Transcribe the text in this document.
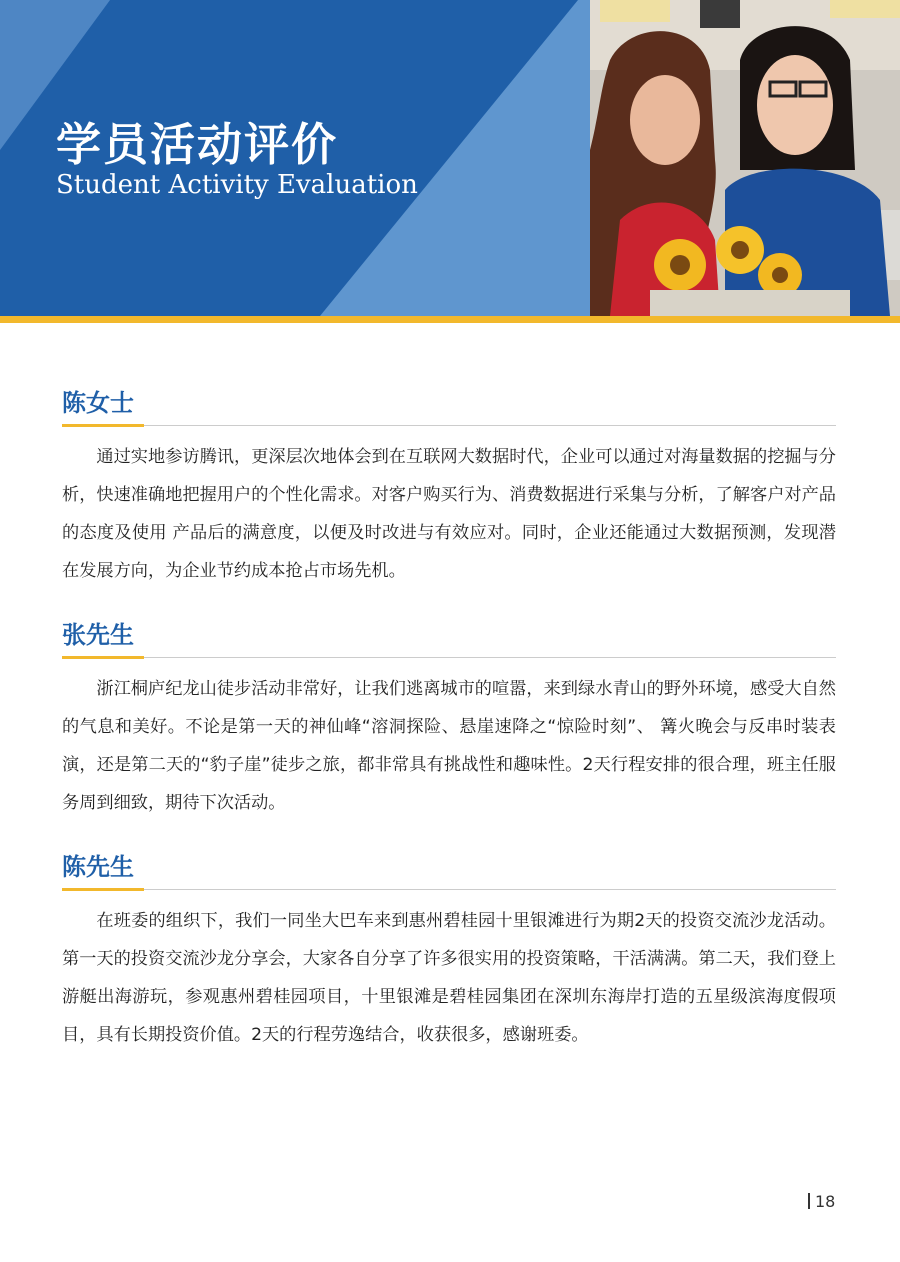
学员活动评价
Student Activity Evaluation
陈女士

通过实地参访腾讯，更深层次地体会到在互联网大数据时代，企业可以通过对海量数据的挖掘与分析，快速准确地把握用户的个性化需求。对客户购买行为、消费数据进行采集与分析，了解客户对产品的态度及使用 产品后的满意度，以便及时改进与有效应对。同时，企业还能通过大数据预测，发现潜在发展方向，为企业节约成本抢占市场先机。

张先生

浙江桐庐纪龙山徒步活动非常好，让我们逃离城市的喧嚣，来到绿水青山的野外环境，感受大自然的气息和美好。不论是第一天的神仙峰“溶洞探险、悬崖速降之“惊险时刻”、 篝火晚会与反串时装表演，还是第二天的“豹子崖”徒步之旅，都非常具有挑战性和趣味性。2天行程安排的很合理，班主任服务周到细致，期待下次活动。

陈先生

在班委的组织下，我们一同坐大巴车来到惠州碧桂园十里银滩进行为期2天的投资交流沙龙活动。第一天的投资交流沙龙分享会，大家各自分享了许多很实用的投资策略，干活满满。第二天，我们登上游艇出海游玩，参观惠州碧桂园项目，十里银滩是碧桂园集团在深圳东海岸打造的五星级滨海度假项目，具有长期投资价值。2天的行程劳逸结合，收获很多，感谢班委。

18
